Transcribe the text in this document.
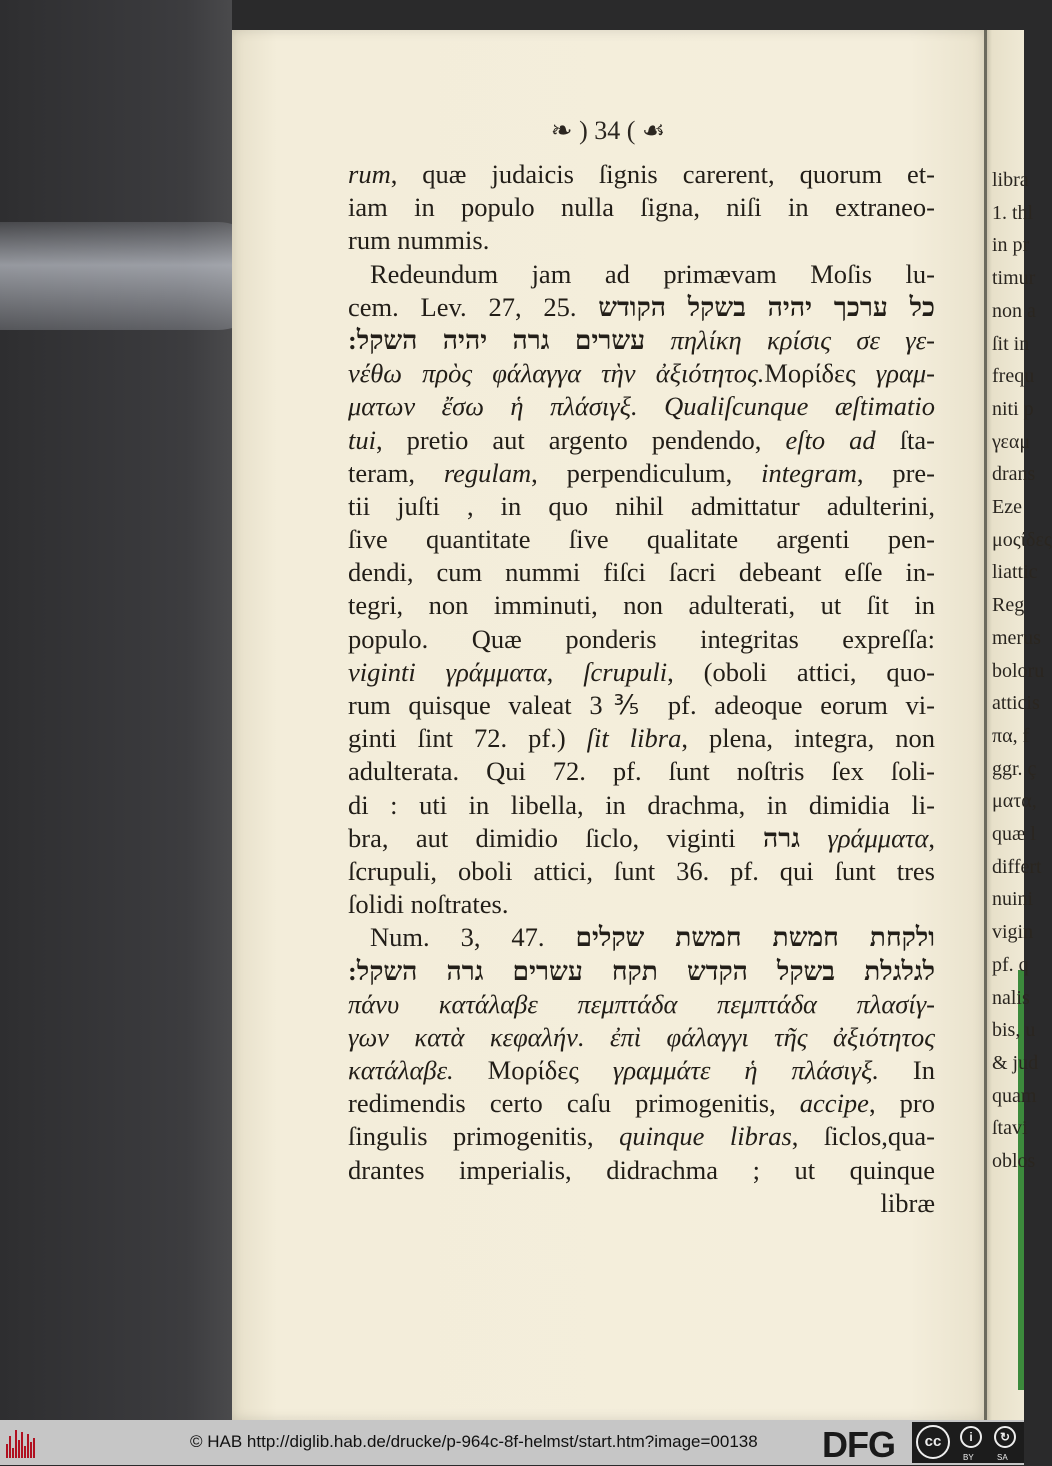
libra
1. thl
in pr
timur
non a
ſit in
frequ
niti p
γεαμ
drans
Eze
μοςίδες
liattic
Reg
merus
boloru
atticis
πα, f
ggr. ç
ματα,
quæ l
differt
nuini
vigin
pf. q
nalis
bis, u
& jud
quam
ſtavi
oblos
❧ ) 34 ( ☙
rum, quæ judaicis ſignis carerent, quorum et-
iam in populo nulla ſigna, niſi in extraneo-
rum nummis.
Redeundum jam ad primævam Moſis lu-
cem. Lev. 27, 25. כל ערכך יהיה בשקל הקודש
עשרים גרה יהיה השקל: πηλίκη κρίσις σε γε-
νέθω πρὸς φάλαγγα τὴν ἀξιότητος.Μορίδες γραμ-
ματων ἔσω ἡ πλάσιγξ. Qualiſcunque æſtimatio
tui, pretio aut argento pendendo, eſto ad ſta-
teram, regulam, perpendiculum, integram, pre-
tii juſti , in quo nihil admittatur adulterini,
ſive quantitate ſive qualitate argenti pen-
dendi, cum nummi fiſci ſacri debeant eſſe in-
tegri, non imminuti, non adulterati, ut ſit in
populo. Quæ ponderis integritas expreſſa:
viginti γράμματα, ſcrupuli, (oboli attici, quo-
rum quisque valeat 3⅗ pf. adeoque eorum vi-
ginti ſint 72. pf.) ſit libra, plena, integra, non
adulterata. Qui 72. pf. ſunt noſtris ſex ſoli-
di : uti in libella, in drachma, in dimidia li-
bra, aut dimidio ſiclo, viginti גרה γράμματα,
ſcrupuli, oboli attici, ſunt 36. pf. qui ſunt tres
ſolidi noſtrates.
Num. 3, 47. ולקחת חמשת חמשת שקלים
לגלגלת בשקל הקדש תקח עשרים גרה השקל:
πάνυ κατάλαβε πεμπτάδα πεμπτάδα πλασίγ-
γων κατὰ κεφαλήν. ἐπὶ φάλαγγι τῆς ἀξιότητος
κατάλαβε. Μορίδες γραμμάτε ἡ πλάσιγξ. In
redimendis certo caſu primogenitis, accipe, pro
ſingulis primogenitis, quinque libras, ſiclos,qua-
drantes imperialis, didrachma ; ut quinque
libræ
© HAB http://diglib.hab.de/drucke/p-964c-8f-helmst/start.htm?image=00138 DFG	cc	i	↻
BY	SA
